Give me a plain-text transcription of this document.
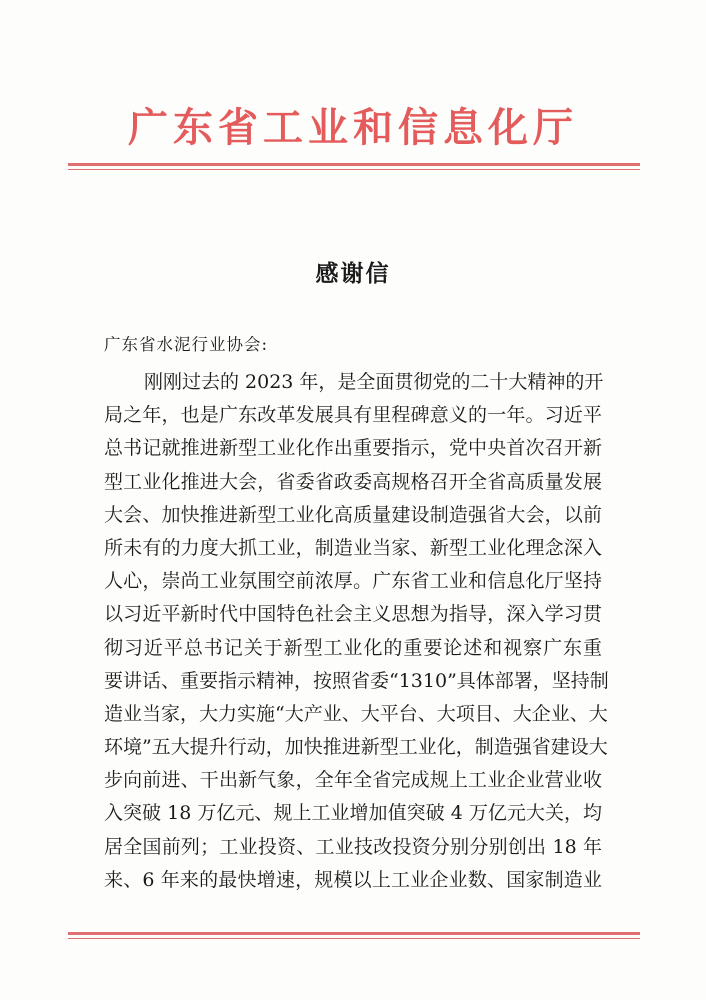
广东省工业和信息化厅
感谢信
广东省水泥行业协会:
刚刚过去的 2023 年，是全面贯彻党的二十大精神的开
局之年，也是广东改革发展具有里程碑意义的一年。习近平
总书记就推进新型工业化作出重要指示，党中央首次召开新
型工业化推进大会，省委省政委高规格召开全省高质量发展
大会、加快推进新型工业化高质量建设制造强省大会，以前
所未有的力度大抓工业，制造业当家、新型工业化理念深入
人心，崇尚工业氛围空前浓厚。广东省工业和信息化厅坚持
以习近平新时代中国特色社会主义思想为指导，深入学习贯
彻习近平总书记关于新型工业化的重要论述和视察广东重
要讲话、重要指示精神，按照省委“1310”具体部署，坚持制
造业当家，大力实施“大产业、大平台、大项目、大企业、大
环境”五大提升行动，加快推进新型工业化，制造强省建设大
步向前进、干出新气象，全年全省完成规上工业企业营业收
入突破 18 万亿元、规上工业增加值突破 4 万亿元大关，均
居全国前列；工业投资、工业技改投资分别分别创出 18 年
来、6 年来的最快增速，规模以上工业企业数、国家制造业
